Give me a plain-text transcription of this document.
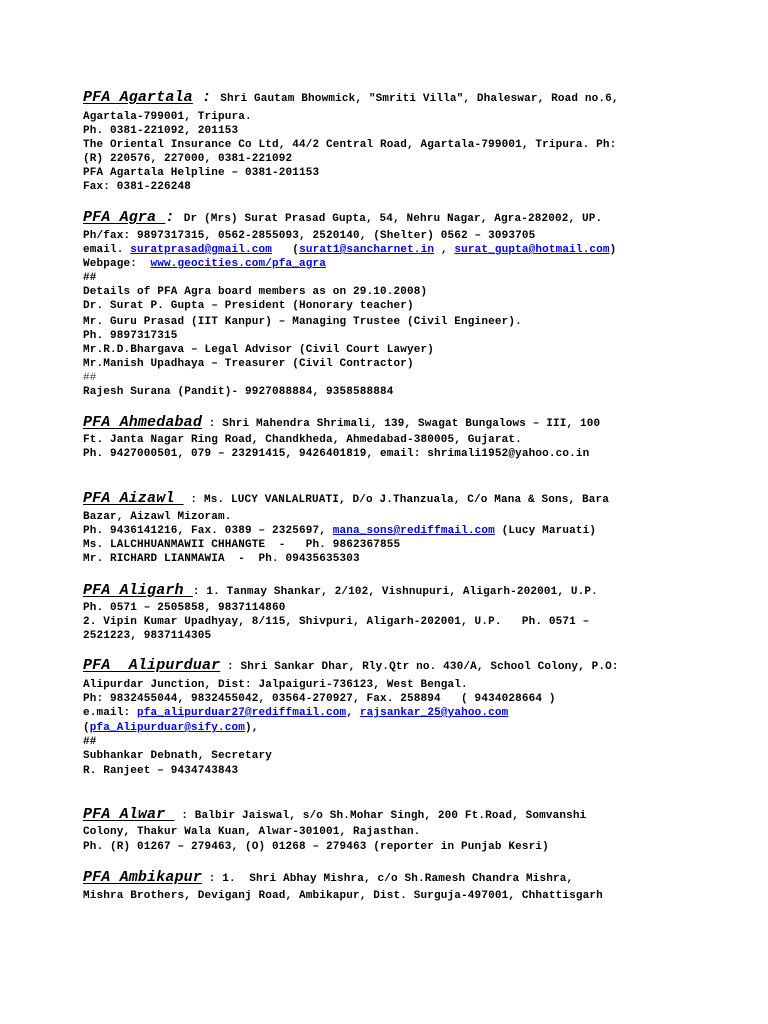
PFA Agartala : Shri Gautam Bhowmick, "Smriti Villa", Dhaleswar, Road no.6,
Agartala-799001, Tripura.
Ph. 0381-221092, 201153
The Oriental Insurance Co Ltd, 44/2 Central Road, Agartala-799001, Tripura. Ph:
(R) 220576, 227000, 0381-221092
PFA Agartala Helpline – 0381-201153
Fax: 0381-226248
PFA Agra : Dr (Mrs) Surat Prasad Gupta, 54, Nehru Nagar, Agra-282002, UP.
Ph/fax: 9897317315, 0562-2855093, 2520140, (Shelter) 0562 – 3093705
email. suratprasad@gmail.com   (surat1@sancharnet.in , surat_gupta@hotmail.com)
Webpage:  www.geocities.com/pfa_agra
##
Details of PFA Agra board members as on 29.10.2008)
Dr. Surat P. Gupta – President (Honorary teacher)
Mr. Guru Prasad (IIT Kanpur) – Managing Trustee (Civil Engineer).
Ph. 9897317315
Mr.R.D.Bhargava – Legal Advisor (Civil Court Lawyer)
Mr.Manish Upadhaya – Treasurer (Civil Contractor)
##
Rajesh Surana (Pandit)- 9927088884, 9358588884
PFA Ahmedabad : Shri Mahendra Shrimali, 139, Swagat Bungalows – III, 100
Ft. Janta Nagar Ring Road, Chandkheda, Ahmedabad-380005, Gujarat.
Ph. 9427000501, 079 – 23291415, 9426401819, email: shrimali1952@yahoo.co.in
PFA Aizawl  : Ms. LUCY VANLALRUATI, D/o J.Thanzuala, C/o Mana & Sons, Bara
Bazar, Aizawl Mizoram.
Ph. 9436141216, Fax. 0389 – 2325697, mana_sons@rediffmail.com (Lucy Maruati)
Ms. LALCHHUANMAWII CHHANGTE  -   Ph. 9862367855
Mr. RICHARD LIANMAWIA  -  Ph. 09435635303
PFA Aligarh : 1. Tanmay Shankar, 2/102, Vishnupuri, Aligarh-202001, U.P.
Ph. 0571 – 2505858, 9837114860
2. Vipin Kumar Upadhyay, 8/115, Shivpuri, Aligarh-202001, U.P.   Ph. 0571 –
2521223, 9837114305
PFA  Alipurduar : Shri Sankar Dhar, Rly.Qtr no. 430/A, School Colony, P.O:
Alipurdar Junction, Dist: Jalpaiguri-736123, West Bengal.
Ph: 9832455044, 9832455042, 03564-270927, Fax. 258894   ( 9434028664 )
e.mail: pfa_alipurduar27@rediffmail.com, rajsankar_25@yahoo.com
(pfa_Alipurduar@sify.com),
##
Subhankar Debnath, Secretary
R. Ranjeet – 9434743843
PFA Alwar  : Balbir Jaiswal, s/o Sh.Mohar Singh, 200 Ft.Road, Somvanshi
Colony, Thakur Wala Kuan, Alwar-301001, Rajasthan.
Ph. (R) 01267 – 279463, (O) 01268 – 279463 (reporter in Punjab Kesri)
PFA Ambikapur : 1.  Shri Abhay Mishra, c/o Sh.Ramesh Chandra Mishra,
Mishra Brothers, Deviganj Road, Ambikapur, Dist. Surguja-497001, Chhattisgarh
